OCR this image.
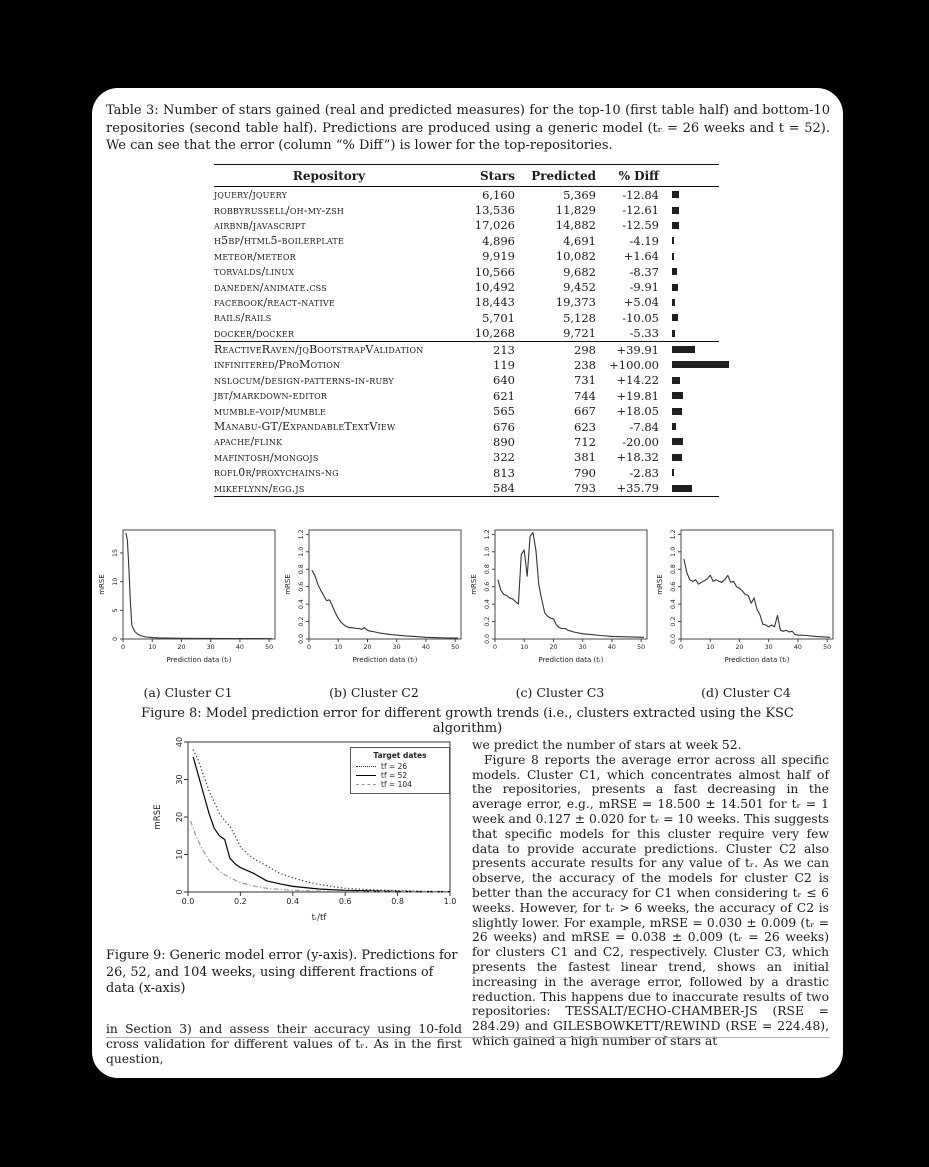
Table 3: Number of stars gained (real and predicted measures) for the top-10 (first table half) and bottom-10 repositories (second table half). Predictions are produced using a generic model (tᵣ = 26 weeks and t = 52). We can see that the error (column “% Diff”) is lower for the top-repositories.

Repository	Stars	Predicted	% Diff
jquery/jquery	6,160	5,369	-12.84
robbyrussell/oh-my-zsh	13,536	11,829	-12.61
airbnb/javascript	17,026	14,882	-12.59
h5bp/html5-boilerplate	4,896	4,691	-4.19
meteor/meteor	9,919	10,082	+1.64
torvalds/linux	10,566	9,682	-8.37
daneden/animate.css	10,492	9,452	-9.91
facebook/react-native	18,443	19,373	+5.04
rails/rails	5,701	5,128	-10.05
docker/docker	10,268	9,721	-5.33
ReactiveRaven/jqBootstrapValidation	213	298	+39.91
infinitered/ProMotion	119	238	+100.00
nslocum/design-patterns-in-ruby	640	731	+14.22
jbt/markdown-editor	621	744	+19.81
mumble-voip/mumble	565	667	+18.05
Manabu-GT/ExpandableTextView	676	623	-7.84
apache/flink	890	712	-20.00
mafintosh/mongojs	322	381	+18.32
rofl0r/proxychains-ng	813	790	-2.83
mikeflynn/egg.js	584	793	+35.79
0	10	20	30	40	50
0
5
10
15
Prediction data (tᵣ)
mRSE
(a) Cluster C1
0	10	20	30	40	50
0.0
0.2
0.4
0.6
0.8
1.0
1.2
Prediction data (tᵣ)
mRSE
(b) Cluster C2
0	10	20	30	40	50
0.0
0.2
0.4
0.6
0.8
1.0
1.2
Prediction data (tᵣ)
mRSE
(c) Cluster C3
0	10	20	30	40	50
0.0
0.2
0.4
0.6
0.8
1.0
1.2
Prediction data (tᵣ)
mRSE
(d) Cluster C4

Figure 8: Model prediction error for different growth trends (i.e., clusters extracted using the KSC algorithm)

0.0	0.2	0.4	0.6	0.8	1.0
0
10
20
30
40
tᵣ/tf
mRSE
Target dates
tf = 26
tf = 52
tf = 104

Figure 9: Generic model error (y-axis). Predictions for 26, 52, and 104 weeks, using different fractions of data (x-axis)

in Section 3) and assess their accuracy using 10-fold cross validation for different values of tᵣ. As in the first question,

we predict the number of stars at week 52.

Figure 8 reports the average error across all specific models. Cluster C1, which concentrates almost half of the repositories, presents a fast decreasing in the average error, e.g., mRSE = 18.500 ± 14.501 for tᵣ = 1 week and 0.127 ± 0.020 for tᵣ = 10 weeks. This suggests that specific models for this cluster require very few data to provide accurate predictions. Cluster C2 also presents accurate results for any value of tᵣ. As we can observe, the accuracy of the models for cluster C2 is better than the accuracy for C1 when considering tᵣ ≤ 6 weeks. However, for tᵣ > 6 weeks, the accuracy of C2 is slightly lower. For example, mRSE = 0.030 ± 0.009 (tᵣ = 26 weeks) and mRSE = 0.038 ± 0.009 (tᵣ = 26 weeks) for clusters C1 and C2, respectively. Cluster C3, which presents the fastest linear trend, shows an initial increasing in the average error, followed by a drastic reduction. This happens due to inaccurate results of two repositories: TESSALT/ECHO-CHAMBER-JS (RSE = 284.29) and GILESBOWKETT/REWIND (RSE = 224.48), which gained a high number of stars at
